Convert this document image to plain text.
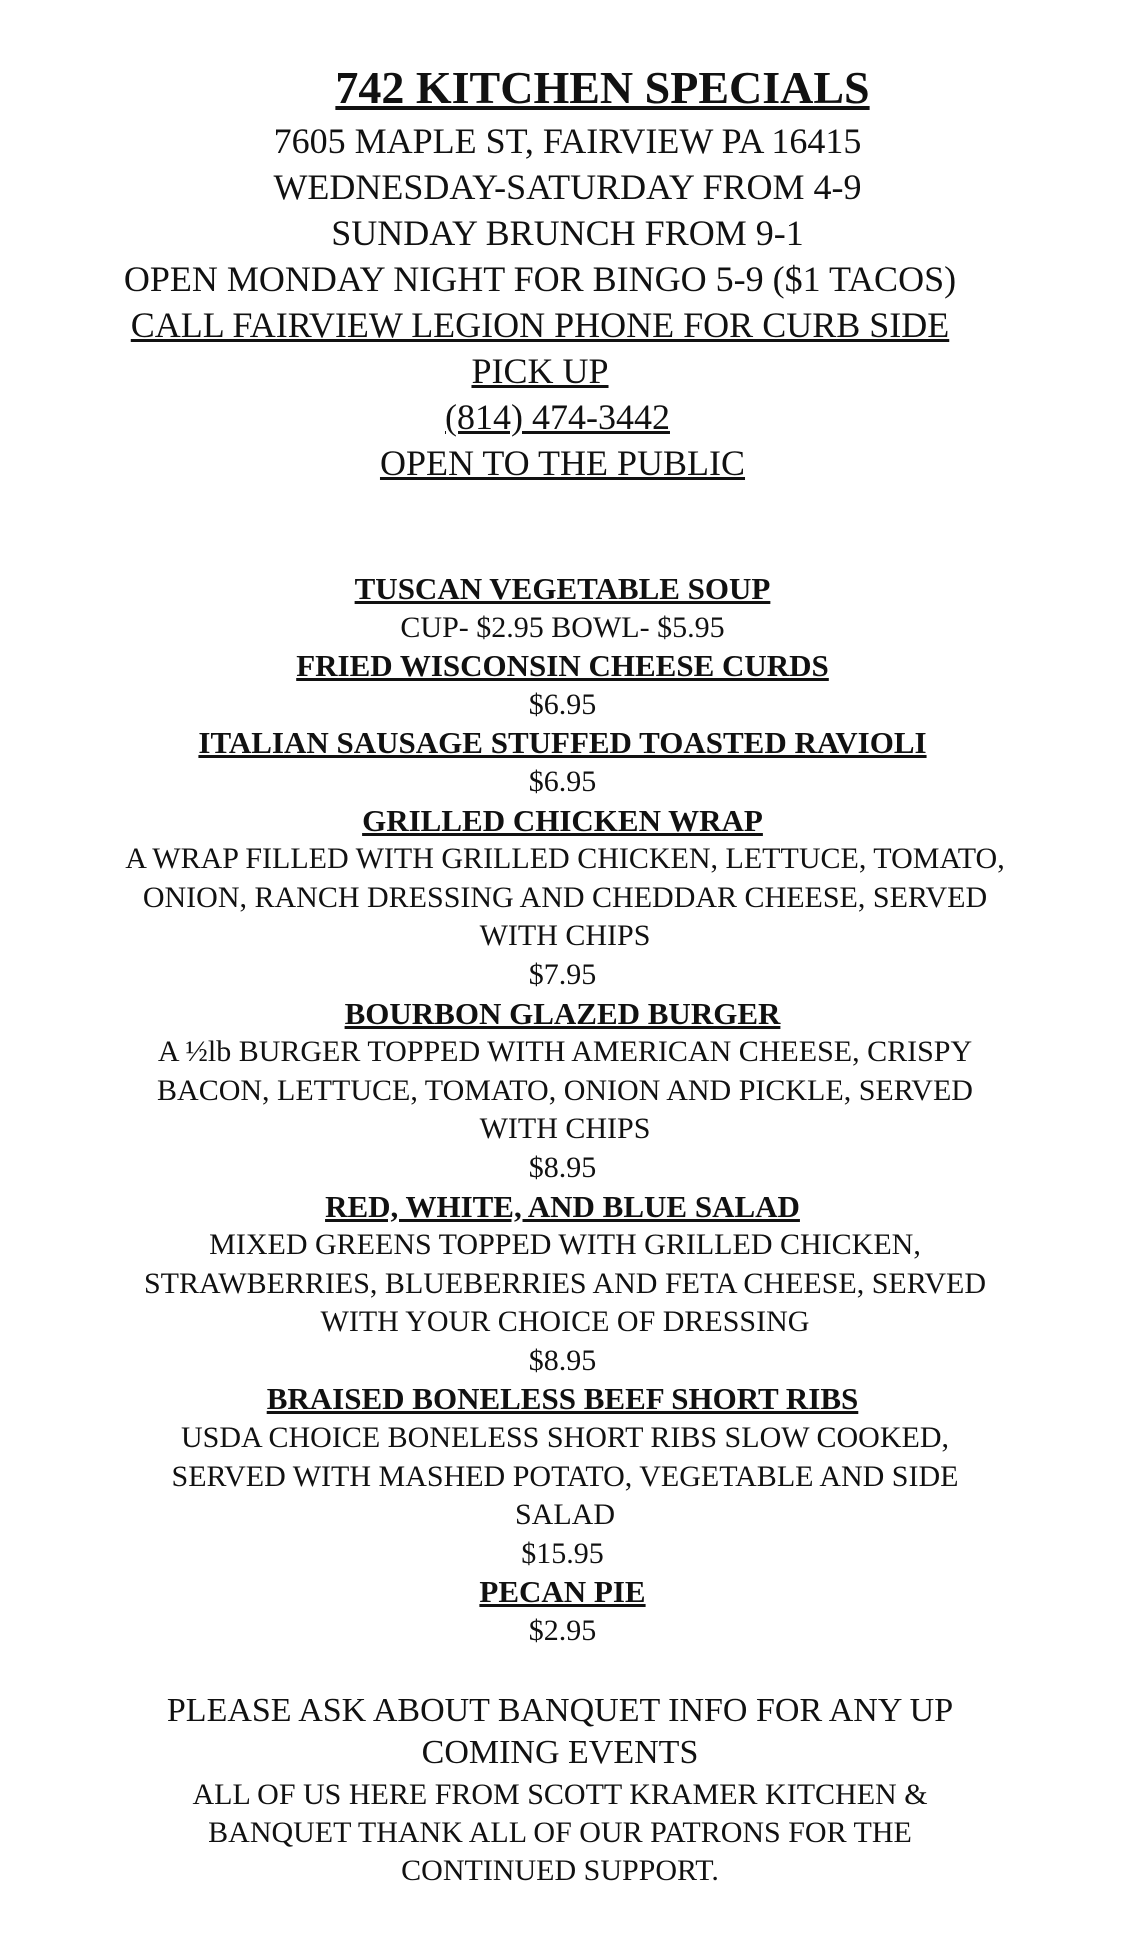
742 KITCHEN SPECIALS
7605 MAPLE ST, FAIRVIEW PA 16415
WEDNESDAY-SATURDAY FROM 4-9
SUNDAY BRUNCH FROM 9-1
OPEN MONDAY NIGHT FOR BINGO 5-9 ($1 TACOS)
CALL FAIRVIEW LEGION PHONE FOR CURB SIDE PICK UP
(814) 474-3442
OPEN TO THE PUBLIC
TUSCAN VEGETABLE SOUP
CUP- $2.95 BOWL- $5.95
FRIED WISCONSIN CHEESE CURDS
$6.95
ITALIAN SAUSAGE STUFFED TOASTED RAVIOLI
$6.95
GRILLED CHICKEN WRAP
A WRAP FILLED WITH GRILLED CHICKEN, LETTUCE, TOMATO, ONION, RANCH DRESSING AND CHEDDAR CHEESE, SERVED WITH CHIPS
$7.95
BOURBON GLAZED BURGER
A ½lb BURGER TOPPED WITH AMERICAN CHEESE, CRISPY BACON, LETTUCE, TOMATO, ONION AND PICKLE, SERVED WITH CHIPS
$8.95
RED, WHITE, AND BLUE SALAD
MIXED GREENS TOPPED WITH GRILLED CHICKEN, STRAWBERRIES, BLUEBERRIES AND FETA CHEESE, SERVED WITH YOUR CHOICE OF DRESSING
$8.95
BRAISED BONELESS BEEF SHORT RIBS
USDA CHOICE BONELESS SHORT RIBS SLOW COOKED, SERVED WITH MASHED POTATO, VEGETABLE AND SIDE SALAD
$15.95
PECAN PIE
$2.95
PLEASE ASK ABOUT BANQUET INFO FOR ANY UP COMING EVENTS
ALL OF US HERE FROM SCOTT KRAMER KITCHEN & BANQUET THANK ALL OF OUR PATRONS FOR THE CONTINUED SUPPORT.
